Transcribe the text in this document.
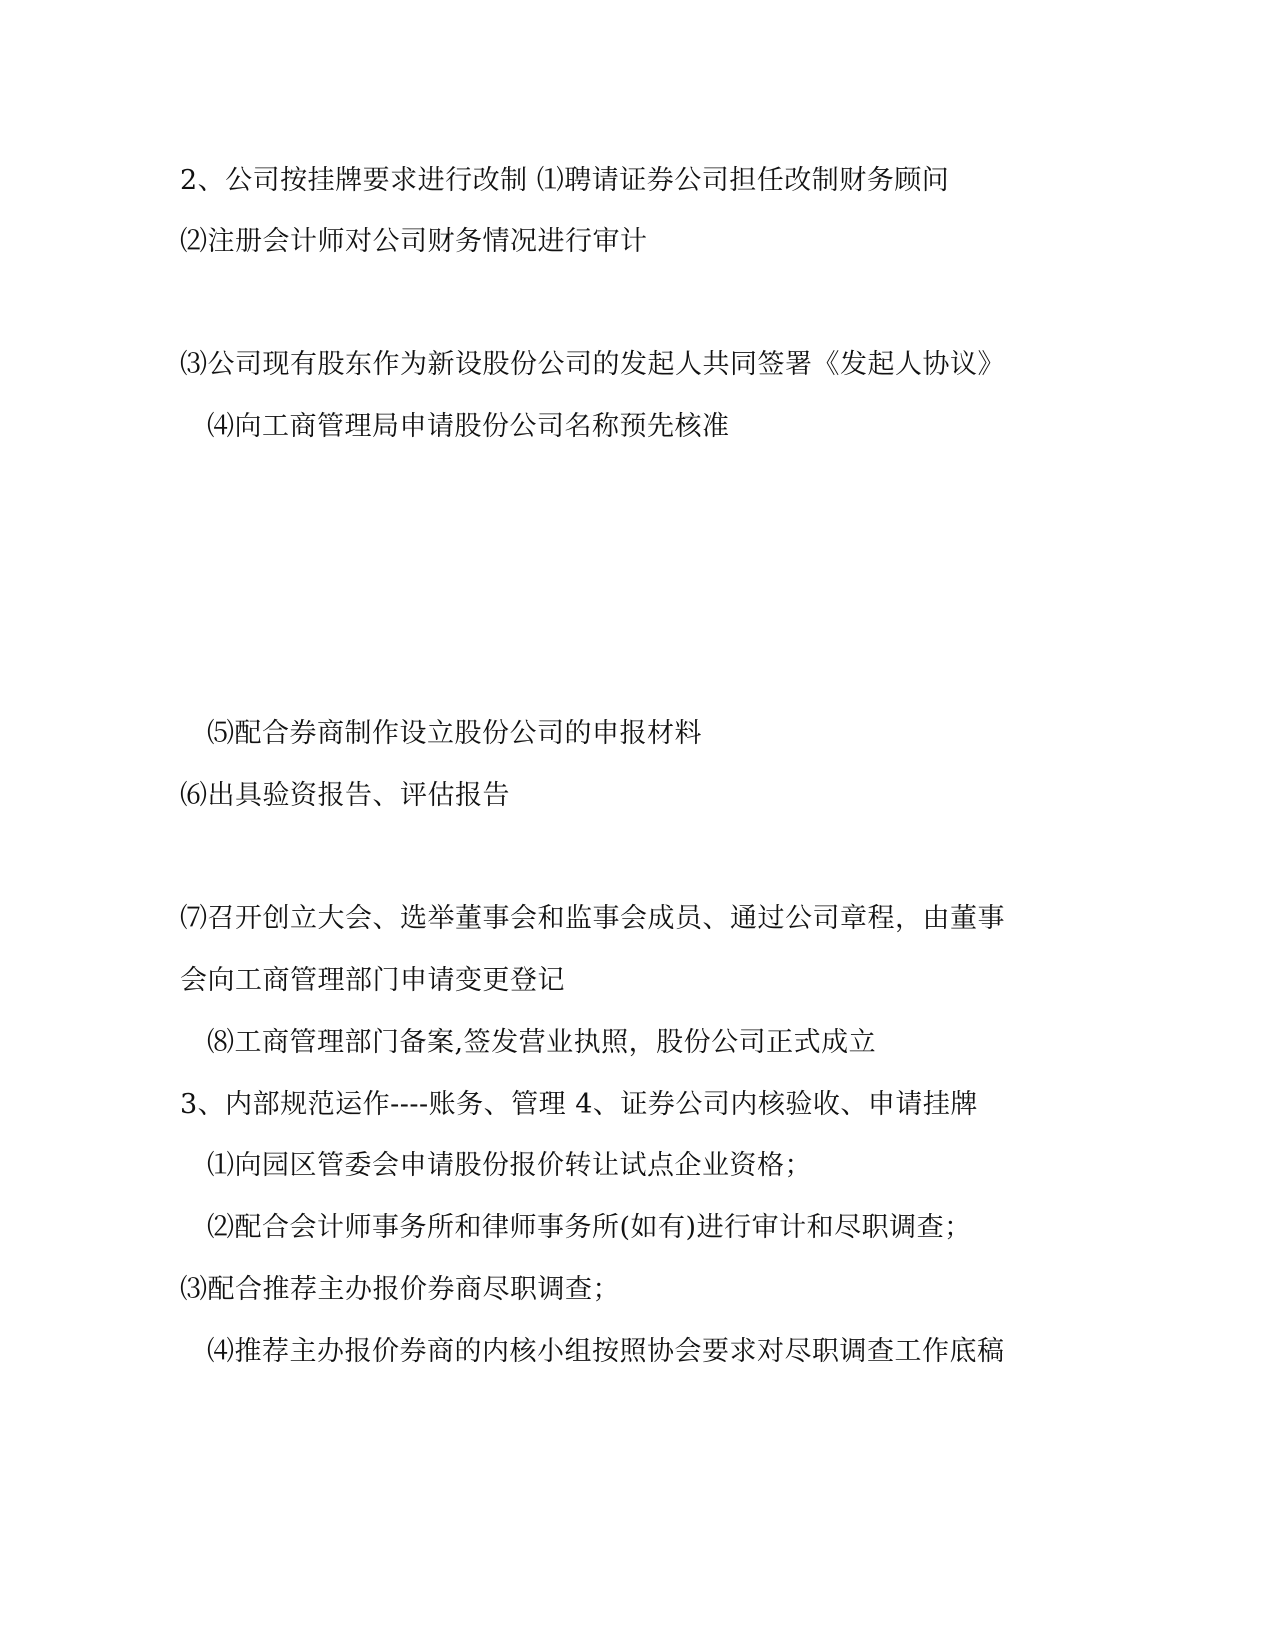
2、公司按挂牌要求进行改制 ⑴聘请证券公司担任改制财务顾问
⑵注册会计师对公司财务情况进行审计
⑶公司现有股东作为新设股份公司的发起人共同签署《发起人协议》
⑷向工商管理局申请股份公司名称预先核准
⑸配合券商制作设立股份公司的申报材料
⑹出具验资报告、评估报告
⑺召开创立大会、选举董事会和监事会成员、通过公司章程，由董事
会向工商管理部门申请变更登记
⑻工商管理部门备案,签发营业执照，股份公司正式成立
3、内部规范运作----账务、管理 4、证券公司内核验收、申请挂牌
⑴向园区管委会申请股份报价转让试点企业资格；
⑵配合会计师事务所和律师事务所(如有)进行审计和尽职调查；
⑶配合推荐主办报价券商尽职调查；
⑷推荐主办报价券商的内核小组按照协会要求对尽职调查工作底稿
